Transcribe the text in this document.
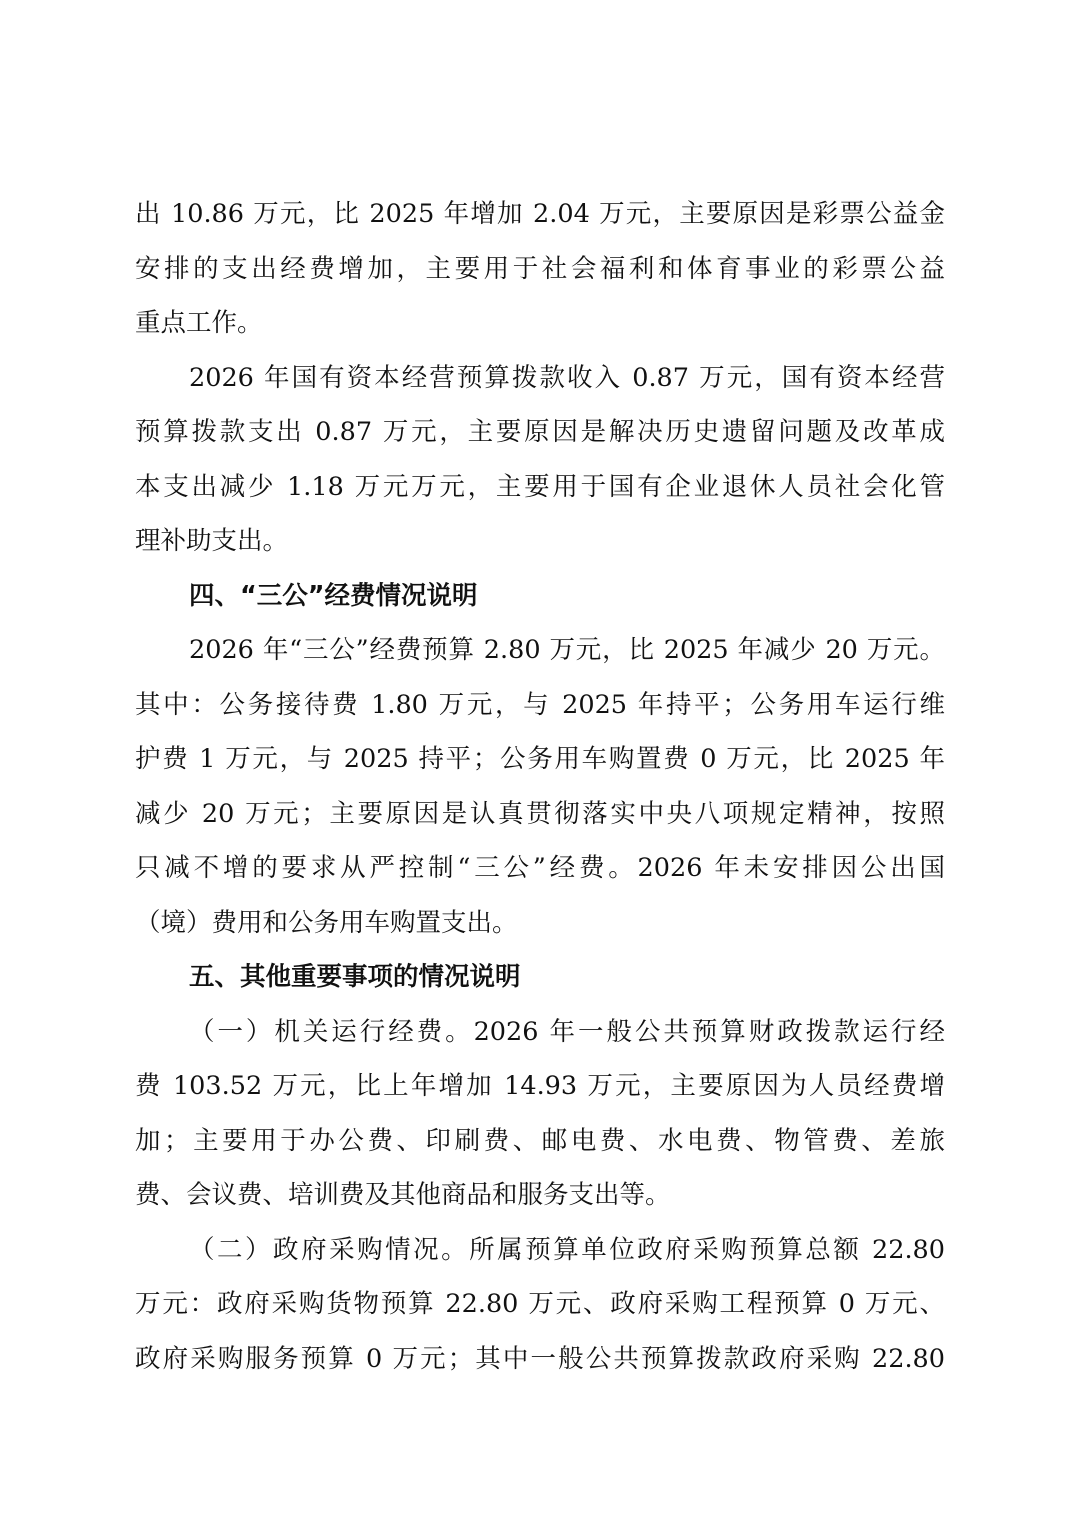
出 10.86 万元，比 2025 年增加 2.04 万元，主要原因是彩票公益金
安排的支出经费增加，主要用于社会福利和体育事业的彩票公益
重点工作。
2026 年国有资本经营预算拨款收入 0.87 万元，国有资本经营
预算拨款支出 0.87 万元，主要原因是解决历史遗留问题及改革成
本支出减少 1.18 万元万元，主要用于国有企业退休人员社会化管
理补助支出。
四、“三公”经费情况说明
2026 年“三公”经费预算 2.80 万元，比 2025 年减少 20 万元。
其中：公务接待费 1.80 万元，与 2025 年持平；公务用车运行维
护费 1 万元，与 2025 持平；公务用车购置费 0 万元，比 2025 年
减少 20 万元；主要原因是认真贯彻落实中央八项规定精神，按照
只减不增的要求从严控制“三公”经费。2026 年未安排因公出国
（境）费用和公务用车购置支出。
五、其他重要事项的情况说明
（一）机关运行经费。2026 年一般公共预算财政拨款运行经
费 103.52 万元，比上年增加 14.93 万元，主要原因为人员经费增
加；主要用于办公费、印刷费、邮电费、水电费、物管费、差旅
费、会议费、培训费及其他商品和服务支出等。
（二）政府采购情况。所属预算单位政府采购预算总额 22.80
万元：政府采购货物预算 22.80 万元、政府采购工程预算 0 万元、
政府采购服务预算 0 万元；其中一般公共预算拨款政府采购 22.80
